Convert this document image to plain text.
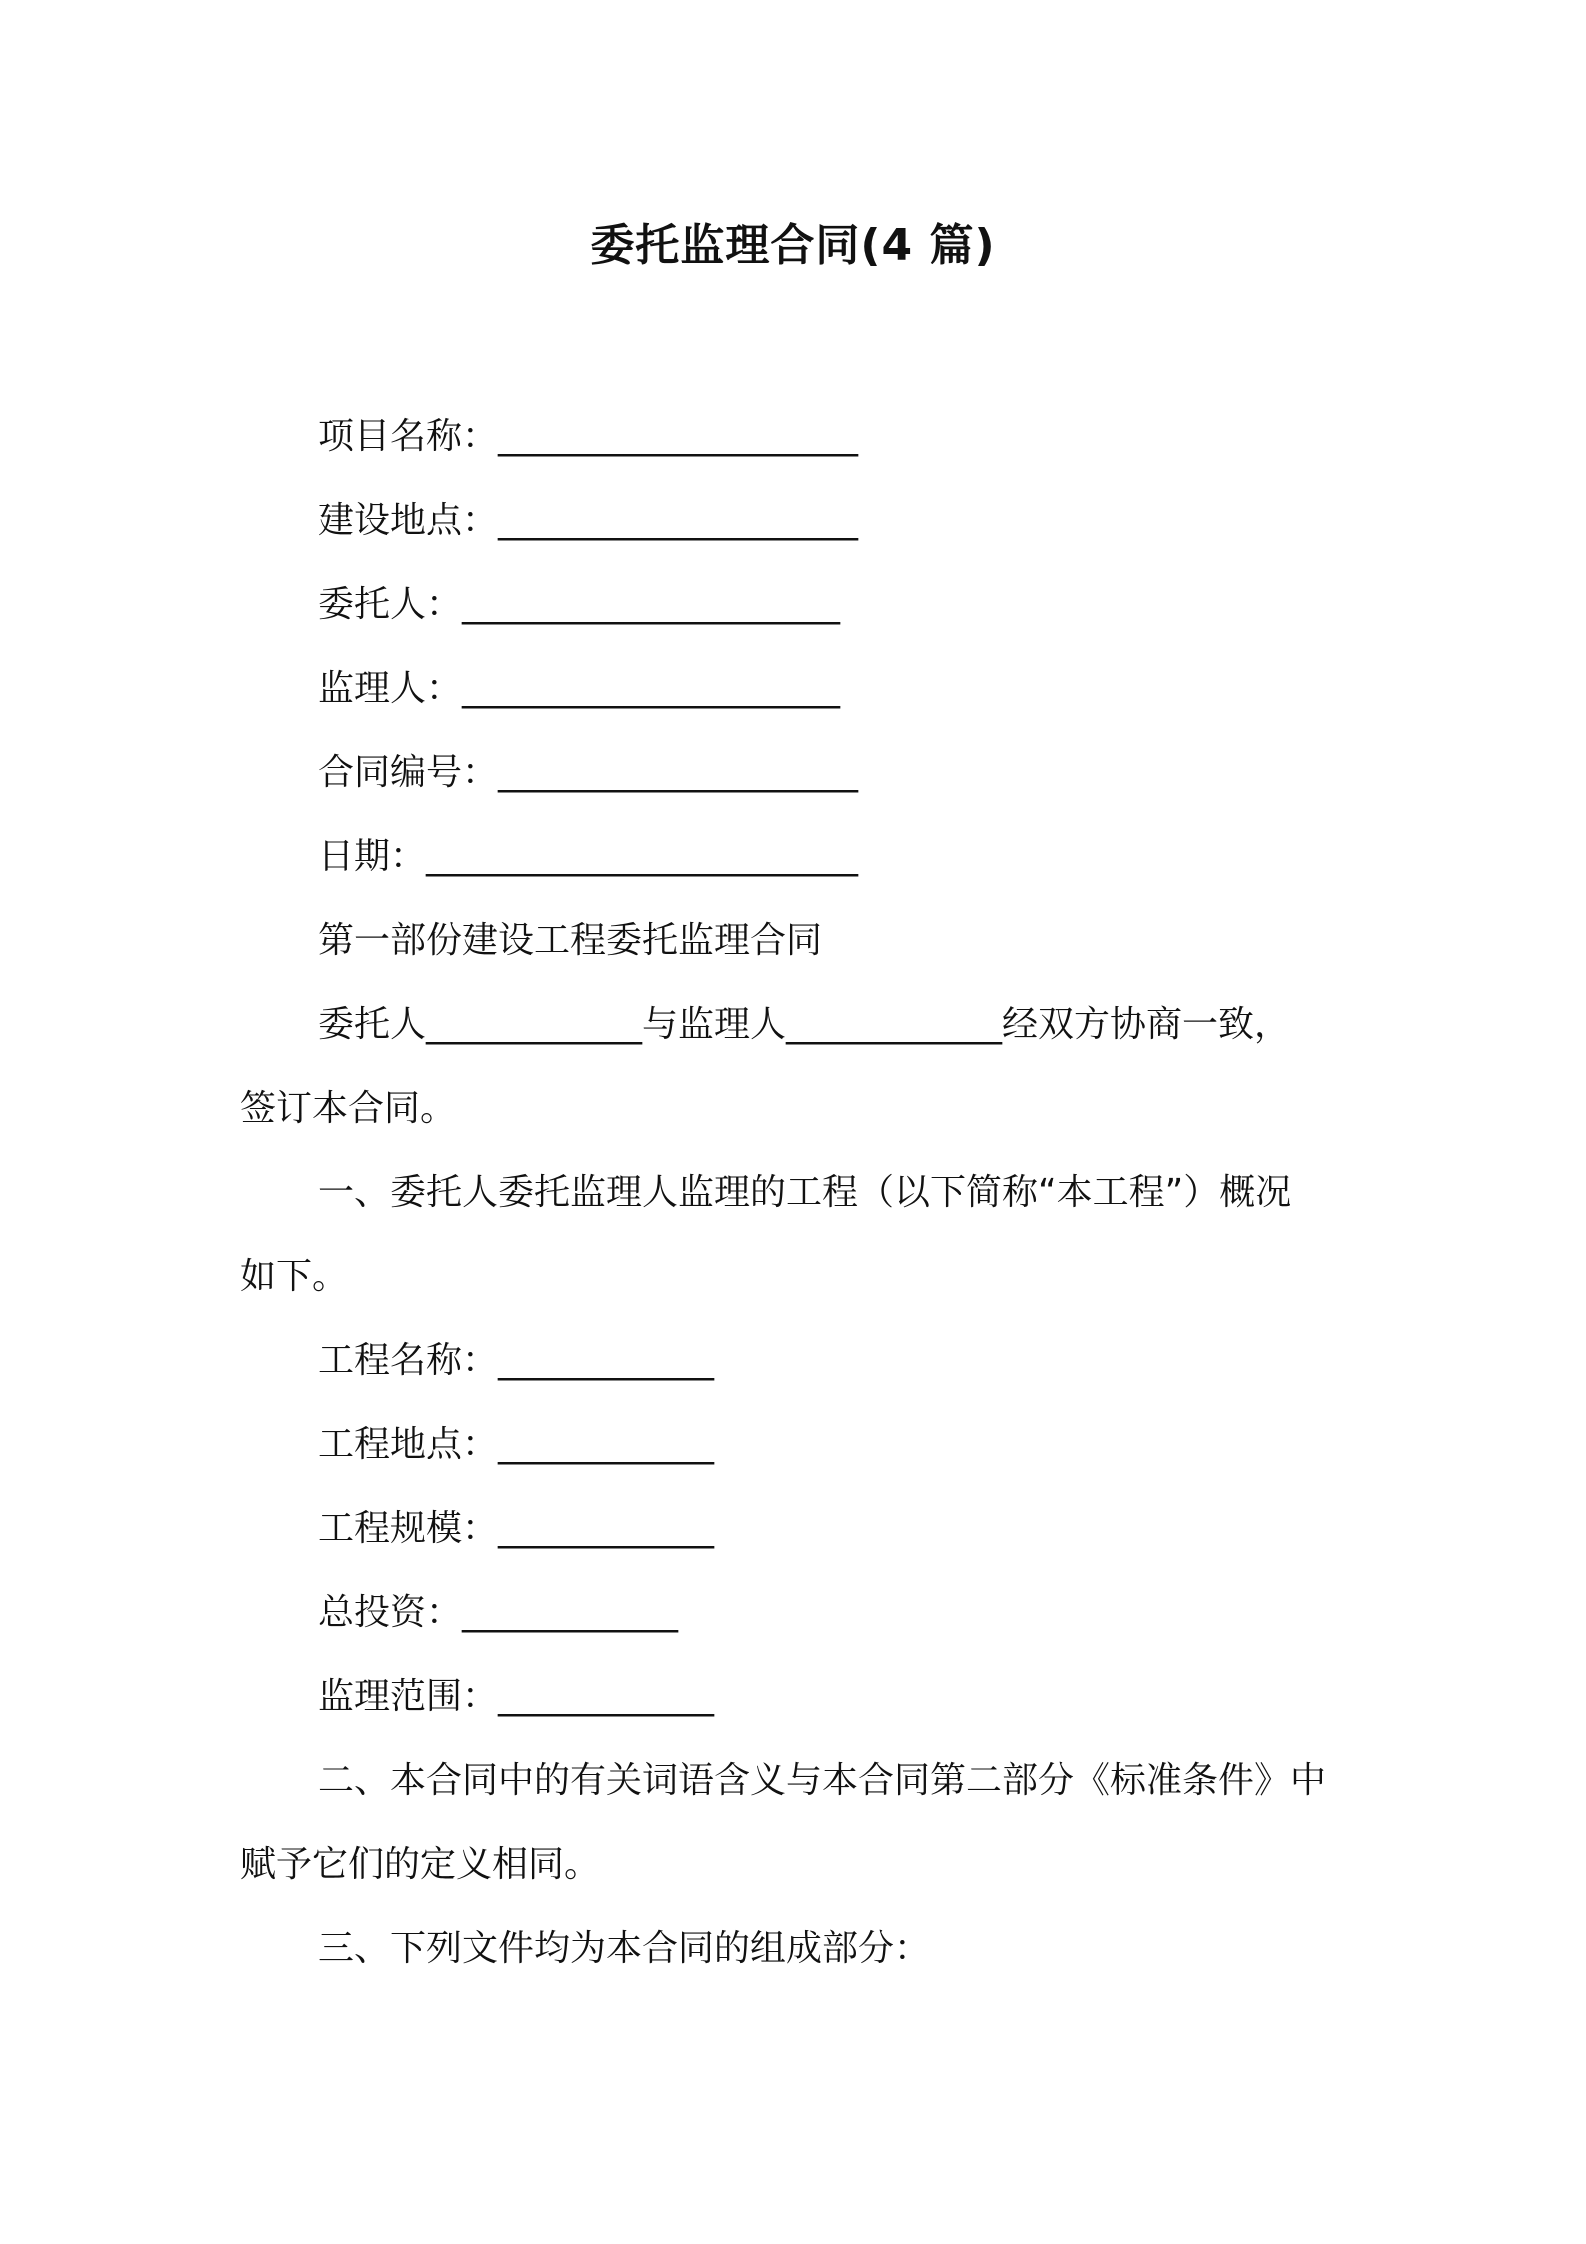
委托监理合同(4 篇)
项目名称：____________________
建设地点：____________________
委托人：_____________________
监理人：_____________________
合同编号：____________________
日期：________________________
第一部份建设工程委托监理合同
委托人____________与监理人____________经双方协商一致，
签订本合同。
一、委托人委托监理人监理的工程（以下简称“本工程”）概况
如下。
工程名称：____________
工程地点：____________
工程规模：____________
总投资：____________
监理范围：____________
二、本合同中的有关词语含义与本合同第二部分《标准条件》中
赋予它们的定义相同。
三、下列文件均为本合同的组成部分：
